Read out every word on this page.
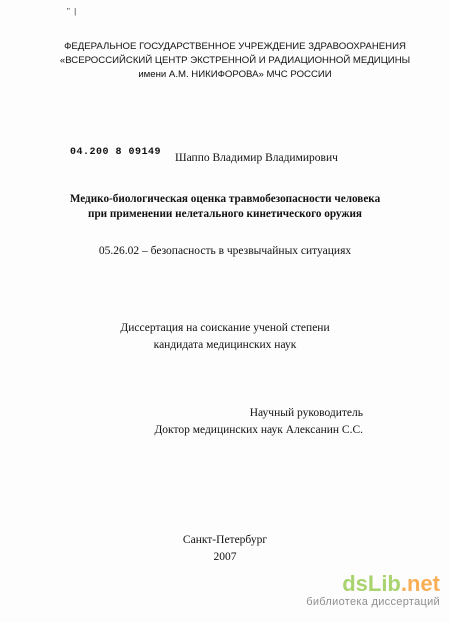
" |
ФЕДЕРАЛЬНОЕ ГОСУДАРСТВЕННОЕ УЧРЕЖДЕНИЕ ЗДРАВООХРАНЕНИЯ
«ВСЕРОССИЙСКИЙ ЦЕНТР ЭКСТРЕННОЙ И РАДИАЦИОННОЙ МЕДИЦИНЫ
имени А.М. НИКИФОРОВА» МЧС РОССИИ
04.200 8 09149 Шаппо Владимир Владимирович
Медико-биологическая оценка травмобезопасности человека
при применении нелетального кинетического оружия
05.26.02 – безопасность в чрезвычайных ситуациях
Диссертация на соискание ученой степени
кандидата медицинских наук
Научный руководитель
Доктор медицинских наук Алексанин С.С.
Санкт-Петербург
2007
dsLib.net
библиотека диссертаций
